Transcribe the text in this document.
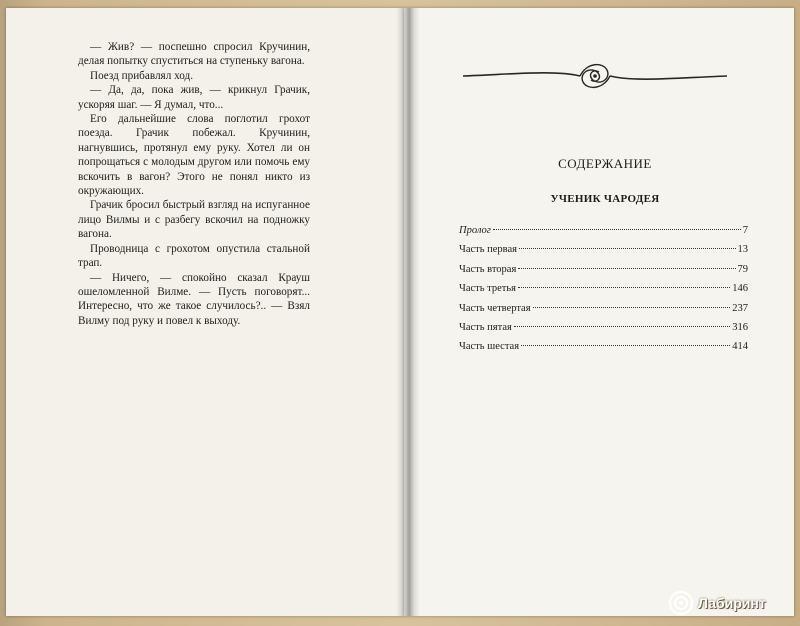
— Жив? — поспешно спросил Кручинин, делая попытку спуститься на ступеньку вагона.

Поезд прибавлял ход.

— Да, да, пока жив, — крикнул Грачик, ускоряя шаг. — Я думал, что...

Его дальнейшие слова поглотил грохот поезда. Грачик побежал. Кручинин, нагнувшись, протянул ему руку. Хотел ли он попрощаться с молодым другом или помочь ему вскочить в вагон? Этого не понял никто из окружающих.

Грачик бросил быстрый взгляд на испуганное лицо Вилмы и с разбегу вскочил на подножку вагона.

Проводница с грохотом опустила стальной трап.

— Ничего, — спокойно сказал Крауш ошеломленной Вилме. — Пусть поговорят... Интересно, что же такое случилось?.. — Взял Вилму под руку и повел к выходу.

СОДЕРЖАНИЕ
УЧЕНИК ЧАРОДЕЯ
Пролог	7
Часть первая	13
Часть вторая	79
Часть третья	146
Часть четвертая	237
Часть пятая	316
Часть шестая	414
Лабиринт
